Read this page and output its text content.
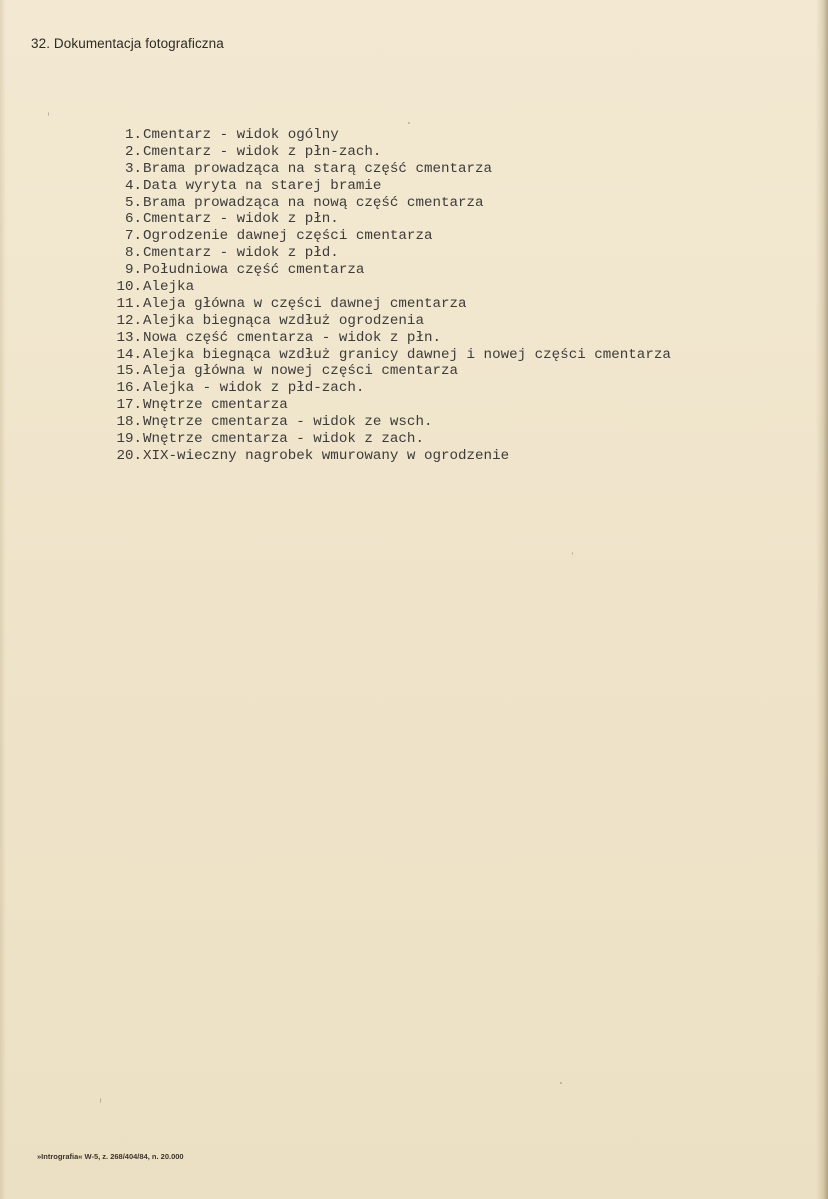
32. Dokumentacja fotograficzna
1. Cmentarz - widok ogólny
2. Cmentarz - widok z płn-zach.
3. Brama prowadząca na starą część cmentarza
4. Data wyryta na starej bramie
5. Brama prowadząca na nową część cmentarza
6. Cmentarz - widok z płn.
7. Ogrodzenie dawnej części cmentarza
8. Cmentarz - widok z płd.
9. Południowa część cmentarza
10. Alejka
11. Aleja główna w części dawnej cmentarza
12. Alejka biegnąca wzdłuż ogrodzenia
13. Nowa część cmentarza - widok z płn.
14. Alejka biegnąca wzdłuż granicy dawnej i nowej części cmentarza
15. Aleja główna w nowej części cmentarza
16. Alejka - widok z płd-zach.
17. Wnętrze cmentarza
18. Wnętrze cmentarza - widok ze wsch.
19. Wnętrze cmentarza - widok z zach.
20. XIX-wieczny nagrobek wmurowany w ogrodzenie
»Intrografia« W-5, z. 268/404/84, n. 20.000
